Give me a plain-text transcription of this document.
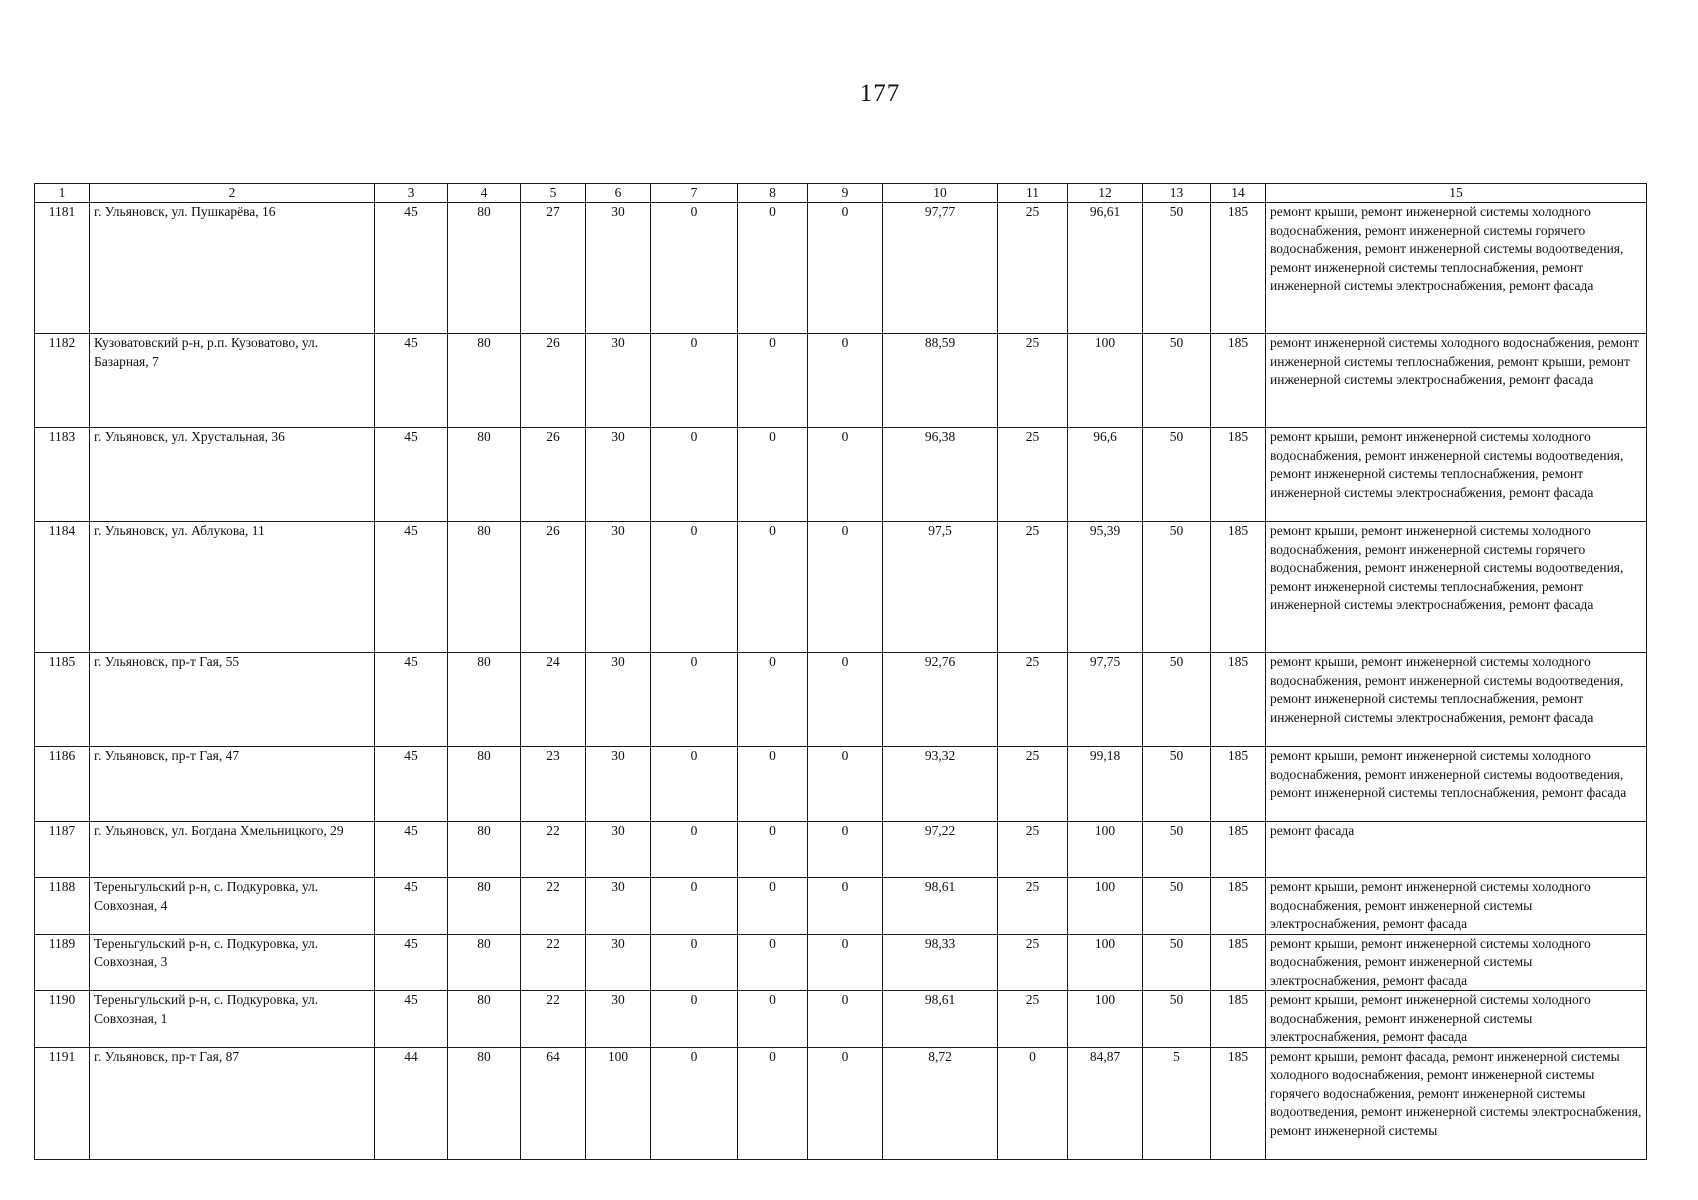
177
1	2	3	4	5	6	7	8	9	10	11	12	13	14	15
1181	г. Ульяновск, ул. Пушкарёва, 16	45	80	27	30	0	0	0	97,77	25	96,61	50	185	ремонт крыши, ремонт инженерной системы холодного водоснабжения, ремонт инженерной системы горячего водоснабжения, ремонт инженерной системы водоотведения, ремонт инженерной системы теплоснабжения, ремонт инженерной системы электроснабжения, ремонт фасада
1182	Кузоватовский р-н, р.п. Кузоватово, ул. Базарная, 7	45	80	26	30	0	0	0	88,59	25	100	50	185	ремонт инженерной системы холодного водоснабжения, ремонт инженерной системы теплоснабжения, ремонт крыши, ремонт инженерной системы электроснабжения, ремонт фасада
1183	г. Ульяновск, ул. Хрустальная, 36	45	80	26	30	0	0	0	96,38	25	96,6	50	185	ремонт крыши, ремонт инженерной системы холодного водоснабжения, ремонт инженерной системы водоотведения, ремонт инженерной системы теплоснабжения, ремонт инженерной системы электроснабжения, ремонт фасада
1184	г. Ульяновск, ул. Аблукова, 11	45	80	26	30	0	0	0	97,5	25	95,39	50	185	ремонт крыши, ремонт инженерной системы холодного водоснабжения, ремонт инженерной системы горячего водоснабжения, ремонт инженерной системы водоотведения, ремонт инженерной системы теплоснабжения, ремонт инженерной системы электроснабжения, ремонт фасада
1185	г. Ульяновск, пр-т Гая, 55	45	80	24	30	0	0	0	92,76	25	97,75	50	185	ремонт крыши, ремонт инженерной системы холодного водоснабжения, ремонт инженерной системы водоотведения, ремонт инженерной системы теплоснабжения, ремонт инженерной системы электроснабжения, ремонт фасада
1186	г. Ульяновск, пр-т Гая, 47	45	80	23	30	0	0	0	93,32	25	99,18	50	185	ремонт крыши, ремонт инженерной системы холодного водоснабжения, ремонт инженерной системы водоотведения, ремонт инженерной системы теплоснабжения, ремонт фасада
1187	г. Ульяновск, ул. Богдана Хмельницкого, 29	45	80	22	30	0	0	0	97,22	25	100	50	185	ремонт фасада
1188	Тереньгульский р-н, с. Подкуровка, ул. Совхозная, 4	45	80	22	30	0	0	0	98,61	25	100	50	185	ремонт крыши, ремонт инженерной системы холодного водоснабжения, ремонт инженерной системы электроснабжения, ремонт фасада
1189	Тереньгульский р-н, с. Подкуровка, ул. Совхозная, 3	45	80	22	30	0	0	0	98,33	25	100	50	185	ремонт крыши, ремонт инженерной системы холодного водоснабжения, ремонт инженерной системы электроснабжения, ремонт фасада
1190	Тереньгульский р-н, с. Подкуровка, ул. Совхозная, 1	45	80	22	30	0	0	0	98,61	25	100	50	185	ремонт крыши, ремонт инженерной системы холодного водоснабжения, ремонт инженерной системы электроснабжения, ремонт фасада
1191	г. Ульяновск, пр-т Гая, 87	44	80	64	100	0	0	0	8,72	0	84,87	5	185	ремонт крыши, ремонт фасада, ремонт инженерной системы холодного водоснабжения, ремонт инженерной системы горячего водоснабжения, ремонт инженерной системы водоотведения, ремонт инженерной системы электроснабжения, ремонт инженерной системы
